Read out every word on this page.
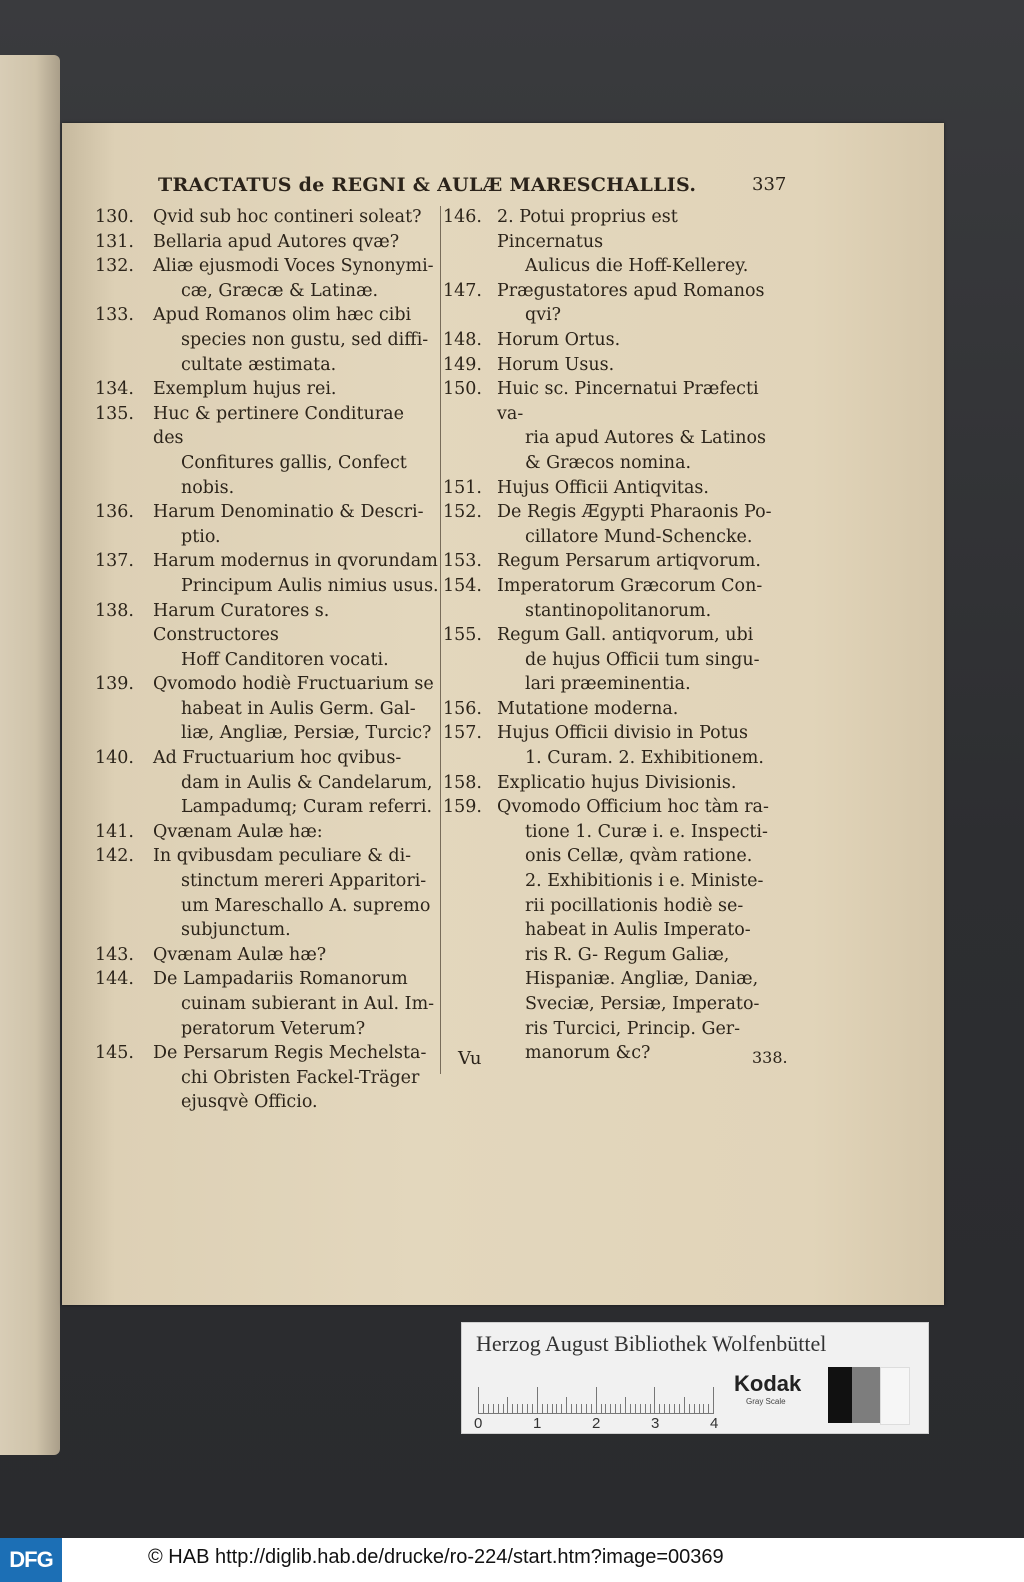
TRACTATUS de REGNI & AULÆ MARESCHALLIS.	337
130.	Qvid sub hoc contineri soleat?
131.	Bellaria apud Autores qvæ?
132.	Aliæ ejusmodi Voces Synonymi-
cæ, Græcæ & Latinæ.
133.	Apud Romanos olim hæc cibi
species non gustu, sed diffi-
cultate æstimata.
134.	Exemplum hujus rei.
135.	Huc & pertinere Conditurae des
Confitures gallis, Confect
nobis.
136.	Harum Denominatio & Descri-
ptio.
137.	Harum modernus in qvorundam
Principum Aulis nimius usus.
138.	Harum Curatores s. Constructores
Hoff Canditoren vocati.
139.	Qvomodo hodiè Fructuarium se
habeat in Aulis Germ. Gal-
liæ, Angliæ, Persiæ, Turcic?
140.	Ad Fructuarium hoc qvibus-
dam in Aulis & Candelarum,
Lampadumq; Curam referri.
141.	Qvænam Aulæ hæ:
142.	In qvibusdam peculiare & di-
stinctum mereri Apparitori-
um Mareschallo A. supremo
subjunctum.
143.	Qvænam Aulæ hæ?
144.	De Lampadariis Romanorum
cuinam subierant in Aul. Im-
peratorum Veterum?
145.	De Persarum Regis Mechelsta-
chi Obristen Fackel-Träger
ejusqvè Officio.
146. 2. Potui proprius est Pincernatus
Aulicus die Hoff-Kellerey.
147. Prægustatores apud Romanos
qvi?
148. Horum Ortus.
149. Horum Usus.
150. Huic sc. Pincernatui Præfecti va-
ria apud Autores & Latinos
& Græcos nomina.
151. Hujus Officii Antiqvitas.
152. De Regis Ægypti Pharaonis Po-
cillatore Mund-Schencke.
153. Regum Persarum artiqvorum.
154. Imperatorum Græcorum Con-
stantinopolitanorum.
155. Regum Gall. antiqvorum, ubi
de hujus Officii tum singu-
lari præeminentia.
156. Mutatione moderna.
157. Hujus Officii divisio in Potus
1. Curam. 2. Exhibitionem.
158. Explicatio hujus Divisionis.
159. Qvomodo Officium hoc tàm ra-
tione 1. Curæ i. e. Inspecti-
onis Cellæ, qvàm ratione.
2. Exhibitionis i e. Ministe-
rii pocillationis hodiè se-
habeat in Aulis Imperato-
ris R. G- Regum Galiæ,
Hispaniæ. Angliæ, Daniæ,
Sveciæ, Persiæ, Imperato-
ris Turcici, Princip. Ger-
manorum &c?
Vu	338.
Herzog August Bibliothek Wolfenbüttel
0	1	2	3	4
Kodak
Gray Scale
DFG	© HAB http://diglib.hab.de/drucke/ro-224/start.htm?image=00369
